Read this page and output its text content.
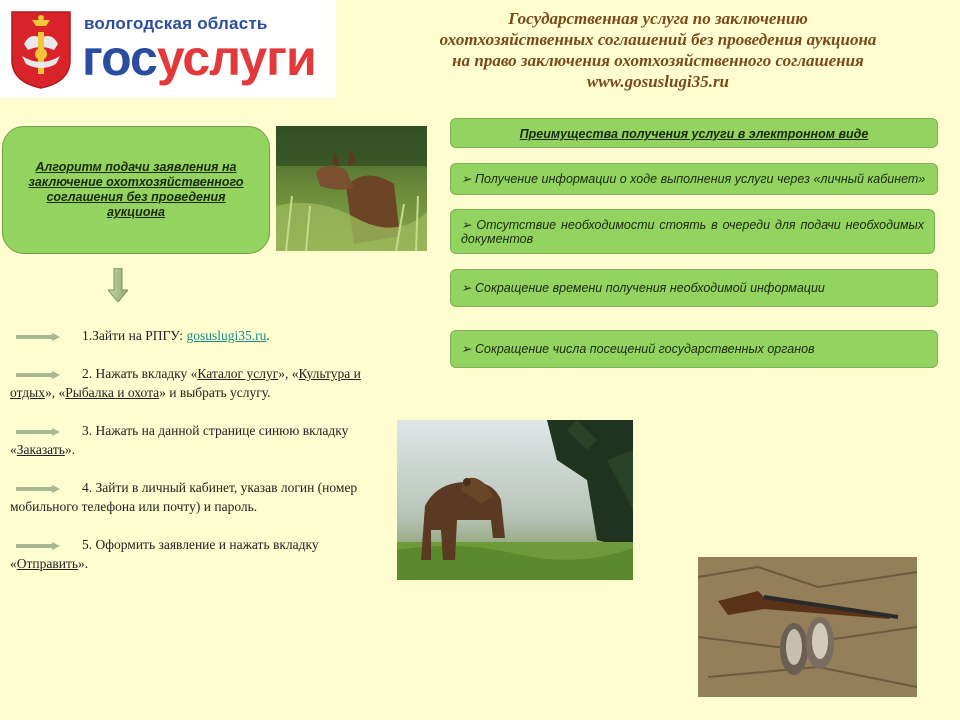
вологодская область
госуслуги
Государственная услуга по заключению
охотхозяйственных соглашений без проведения аукциона
на право заключения охотхозяйственного соглашения
www.gosuslugi35.ru
Алгоритм подачи заявления на заключение охотхозяйственного соглашения без проведения аукциона
1.Зайти на РПГУ: gosuslugi35.ru.
2. Нажать вкладку «Каталог услуг», «Культура и отдых», «Рыбалка и охота» и выбрать услугу.
3. Нажать на данной странице синюю вкладку «Заказать».
4. Зайти в личный кабинет, указав логин (номер мобильного телефона или почту) и пароль.
5. Оформить заявление и нажать вкладку «Отправить».
Преимущества получения услуги в электронном виде
➢ Получение информации о ходе выполнения услуги через «личный кабинет»
➢ Отсутствие необходимости стоять в очереди для подачи необходимых документов
➢ Сокращение времени получения необходимой информации
➢ Сокращение числа посещений государственных органов
